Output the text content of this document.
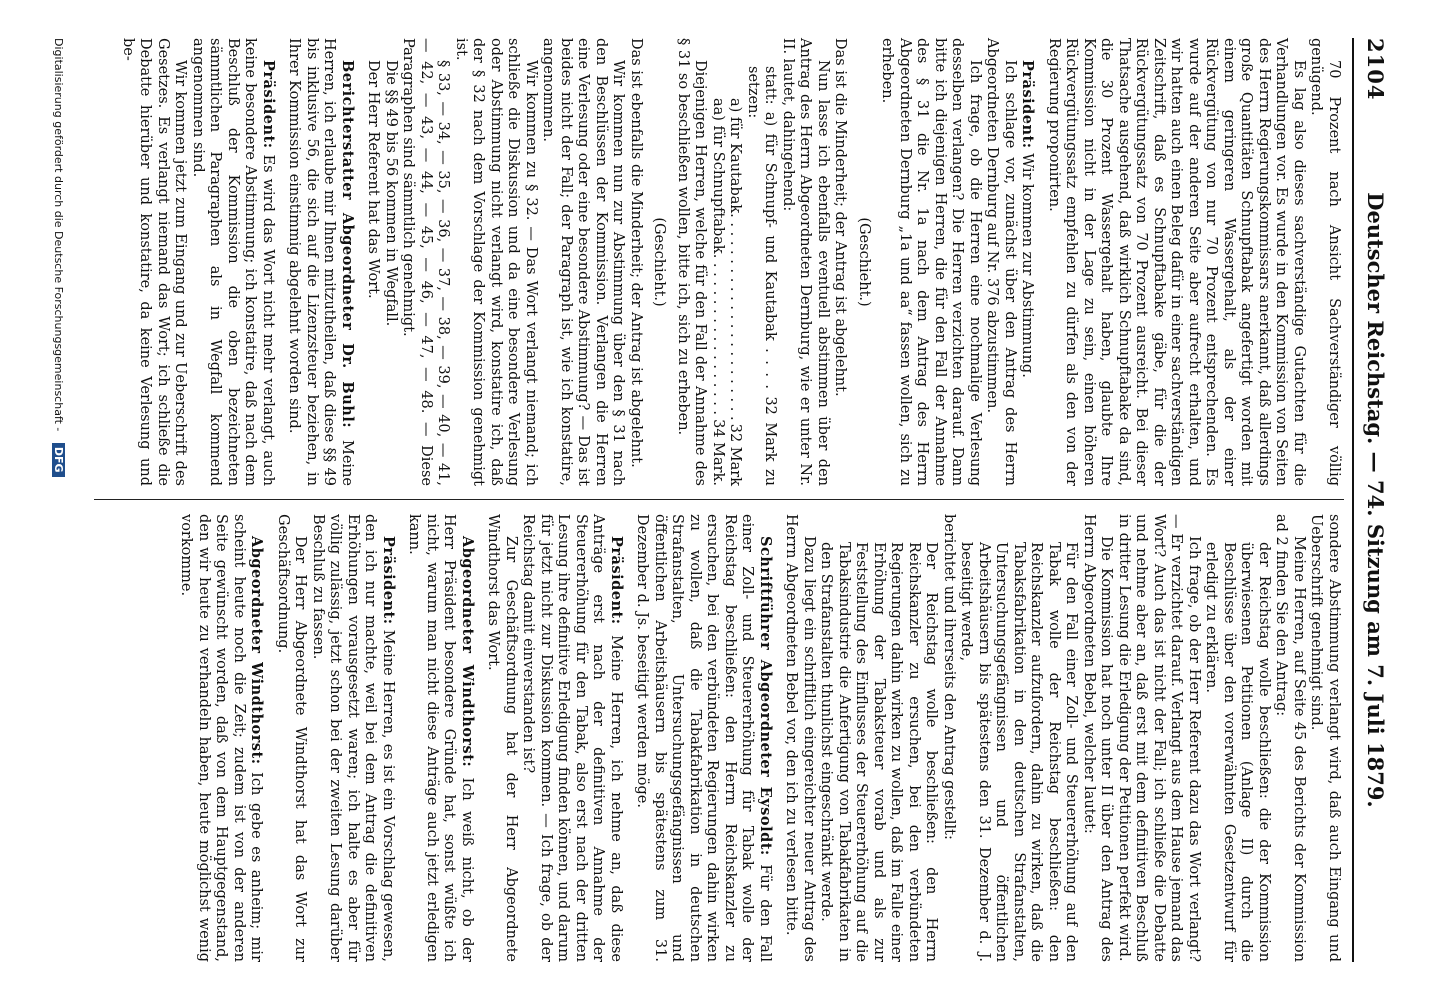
2104
Deutscher Reichstag. — 74. Sitzung am 7. Juli 1879.

70 Prozent nach Ansicht Sachverständiger völlig genügend.

Es lag also dieses sachverständige Gutachten für die Verhandlungen vor. Es wurde in den Kommission von Seiten des Herrn Regierungskommissars anerkannt, daß allerdings große Quantitäten Schnupftabak angefertigt worden mit einem geringeren Wassergehalt, als der einer Rückvergütung von nur 70 Prozent entsprechenden. Es wurde auf der anderen Seite aber aufrecht erhalten, und wir hatten auch einen Beleg dafür in einer sachverständigen Zeitschrift, daß es Schnupftabake gäbe, für die der Rückvergütungssatz von 70 Prozent ausreicht. Bei dieser Thatsache ausgehend, daß wirklich Schnupftabake da sind, die 30 Prozent Wassergehalt haben, glaubte Ihre Kommission nicht in der Lage zu sein, einen höheren Rückvergütungssatz empfehlen zu dürfen als den von der Regierung proponirten.

Präsident: Wir kommen zur Abstimmung.

Ich schlage vor, zunächst über den Antrag des Herrn Abgeordneten Dernburg auf Nr. 376 abzustimmen.

Ich frage, ob die Herren eine nochmalige Verlesung desselben verlangen? Die Herren verzichten darauf. Dann bitte ich diejenigen Herren, die für den Fall der Annahme des § 31 die Nr. 1a nach dem Antrag des Herrn Abgeordneten Dernburg „1a und aa“ fassen wollen, sich zu erheben.

(Geschieht.)

Das ist die Minderheit; der Antrag ist abgelehnt.

Nun lasse ich ebenfalls eventuell abstimmen über den Antrag des Herrn Abgeordneten Dernburg, wie er unter Nr. II. lautet, dahingehend:

statt: a) für Schnupf- und Kautabak . . . . 32 Mark zu setzen:

a) für Kautabak
. . .
32 Mark
aa) für Schnupftabak
. . .
34 Mark.

Diejenigen Herren, welche für den Fall der Annahme des § 31 so beschließen wollen, bitte ich, sich zu erheben.

(Geschieht.)

Das ist ebenfalls die Minderheit; der Antrag ist abgelehnt.

Wir kommen nun zur Abstimmung über den § 31 nach den Beschlüssen der Kommission. Verlangen die Herren eine Verlesung oder eine besondere Abstimmung? — Das ist beides nicht der Fall; der Paragraph ist, wie ich konstatire, angenommen.

Wir kommen zu § 32. — Das Wort verlangt niemand; ich schließe die Diskussion und da eine besondere Verlesung oder Abstimmung nicht verlangt wird, konstatire ich, daß der § 32 nach dem Vorschlage der Kommission genehmigt ist.

§ 33, — 34, — 35, — 36, — 37, — 38, — 39, — 40, — 41, — 42, — 43, — 44, — 45, — 46, — 47, — 48. — Diese Paragraphen sind sämmtlich genehmigt.

Die §§ 49 bis 56 kommen in Wegfall.

Der Herr Referent hat das Wort.

Berichterstatter Abgeordneter Dr. Buhl: Meine Herren, ich erlaube mir Ihnen mitzutheilen, daß diese §§ 49 bis inklusive 56, die sich auf die Lizenzsteuer beziehen, in Ihrer Kommission einstimmig abgelehnt worden sind.

Präsident: Es wird das Wort nicht mehr verlangt, auch keine besondere Abstimmung; ich konstatire, daß nach dem Beschluß der Kommission die oben bezeichneten sämmtlichen Paragraphen als in Wegfall kommend angenommen sind.

Wir kommen jetzt zum Eingang und zur Ueberschrift des Gesetzes. Es verlangt niemand das Wort; ich schließe die Debatte hierüber und konstatire, da keine Verlesung und be-

sondere Abstimmung verlangt wird, daß auch Eingang und Ueberschrift genehmigt sind.

Meine Herren, auf Seite 45 des Berichts der Kommission ad 2 finden Sie den Antrag:

der Reichstag wolle beschließen: die der Kommission überwiesenen Petitionen (Anlage II) durch die Beschlüsse über den vorerwähnten Gesetzentwurf für erledigt zu erklären.

Ich frage, ob der Herr Referent dazu das Wort verlangt? — Er verzichtet darauf. Verlangt aus dem Hause jemand das Wort? Auch das ist nicht der Fall; ich schließe die Debatte und nehme aber an, daß erst mit dem definitiven Beschluß in dritter Lesung die Erledigung der Petitionen perfekt wird.

Die Kommission hat noch unter II über den Antrag des Herrn Abgeordneten Bebel, welcher lautet:

Für den Fall einer Zoll- und Steuererhöhung auf den Tabak wolle der Reichstag beschließen: den Reichskanzler aufzufordern, dahin zu wirken, daß die Tabaksfabrikation in den deutschen Strafanstalten, Untersuchungsgefängnissen und öffentlichen Arbeitshäusern bis spätestens den 31. Dezember d. J. beseitigt werde,

berichtet und ihrerseits den Antrag gestellt:

Der Reichstag wolle beschließen: den Herrn Reichskanzler zu ersuchen, bei den verbündeten Regierungen dahin wirken zu wollen, daß im Falle einer Erhöhung der Tabaksteuer vorab und als zur Feststellung des Einflusses der Steuererhöhung auf die Tabaksindustrie die Anfertigung von Tabakfabrikaten in den Strafanstalten thunlichst eingeschränkt werde.

Dazu liegt ein schriftlich eingereichter neuer Antrag des Herrn Abgeordneten Bebel vor, den ich zu verlesen bitte.

Schriftführer Abgeordneter Eysoldt: Für den Fall einer Zoll- und Steuererhöhung für Tabak wolle der Reichstag beschließen: den Herrn Reichskanzler zu ersuchen, bei den verbündeten Regierungen dahin wirken zu wollen, daß die Tabakfabrikation in deutschen Strafanstalten, Untersuchungsgefängnissen und öffentlichen Arbeitshäusern bis spätestens zum 31. Dezember d. Js. beseitigt werden möge.

Präsident: Meine Herren, ich nehme an, daß diese Anträge erst nach der definitiven Annahme der Steuererhöhung für den Tabak, also erst nach der dritten Lesung ihre definitive Erledigung finden können, und darum für jetzt nicht zur Diskussion kommen. — Ich frage, ob der Reichstag damit einverstanden ist?

Zur Geschäftsordnung hat der Herr Abgeordnete Windthorst das Wort.

Abgeordneter Windthorst: Ich weiß nicht, ob der Herr Präsident besondere Gründe hat, sonst wüßte ich nicht, warum man nicht diese Anträge auch jetzt erledigen kann.

Präsident: Meine Herren, es ist ein Vorschlag gewesen, den ich nur machte, weil bei dem Antrag die definitiven Erhöhungen vorausgesetzt waren; ich halte es aber für völlig zulässig, jetzt schon bei der zweiten Lesung darüber Beschluß zu fassen.

Der Herr Abgeordnete Windthorst hat das Wort zur Geschäftsordnung.

Abgeordneter Windthorst: Ich gebe es anheim; mir scheint heute noch die Zeit; zudem ist von der anderen Seite gewünscht worden, daß von dem Hauptgegenstand, den wir heute zu verhandeln haben, heute möglichst wenig vorkomme.

Digitalisierung gefördert durch die Deutsche Forschungsgemeinschaft - DFG
